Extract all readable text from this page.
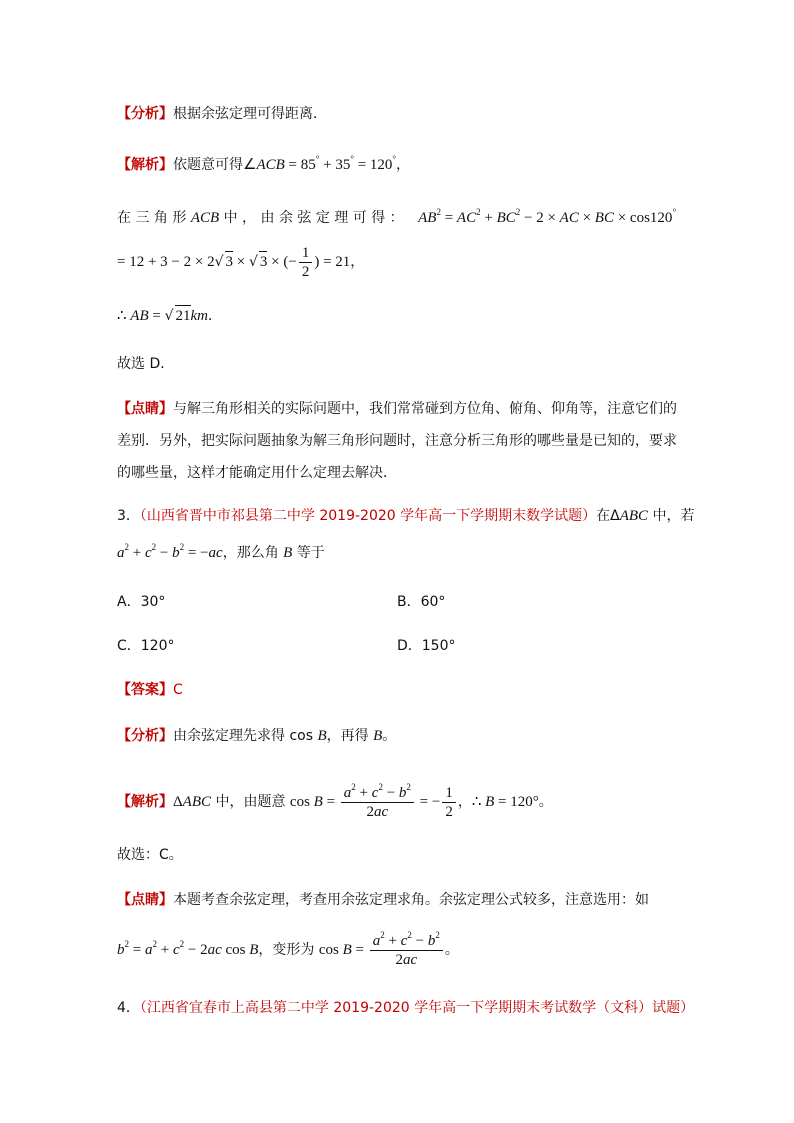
【分析】根据余弦定理可得距离．
【解析】依题意可得∠ACB = 85° + 35° = 120°，
在 三 角 形 ACB 中 ， 由 余 弦 定 理 可 得 ： $AB^2 = AC^2 + BC^2 - 2$ × AC × BC × cos120°
= 12 + 3 − 2 × 2√ 3 × √ 3 × (− $\frac{1}{2}$ ) = 21，
∴ AB = √ 21km．
故选 D．
【点睛】与解三角形相关的实际问题中，我们常常碰到方位角、俯角、仰角等，注意它们的
差别．另外，把实际问题抽象为解三角形问题时，注意分析三角形的哪些量是已知的，要求
的哪些量，这样才能确定用什么定理去解决．
3．（山西省晋中市祁县第二中学 2019-2020 学年高一下学期期末数学试题）在ΔABC 中，若
$a^2 + c^2 - b^2 = -ac$，那么角 B 等于
A．30°	B．60°
C．120°	D．150°
【答案】C
【分析】由余弦定理先求得 cos B，再得 B。
【解析】ΔABC 中，由题意 $\cos B = \frac{a^2 + c^2 - b^2}{2ac}$ = − $\frac{1}{2}$ ，∴ B = 120°。
故选：C。
【点睛】本题考查余弦定理，考查用余弦定理求角。余弦定理公式较多，注意选用：如
$b^2 = a^2 + c^2 - 2ac$ cos B，变形为 $\cos B = \frac{a^2 + c^2 - b^2}{2ac}$ 。
4．（江西省宜春市上高县第二中学 2019-2020 学年高一下学期期末考试数学（文科）试题）
